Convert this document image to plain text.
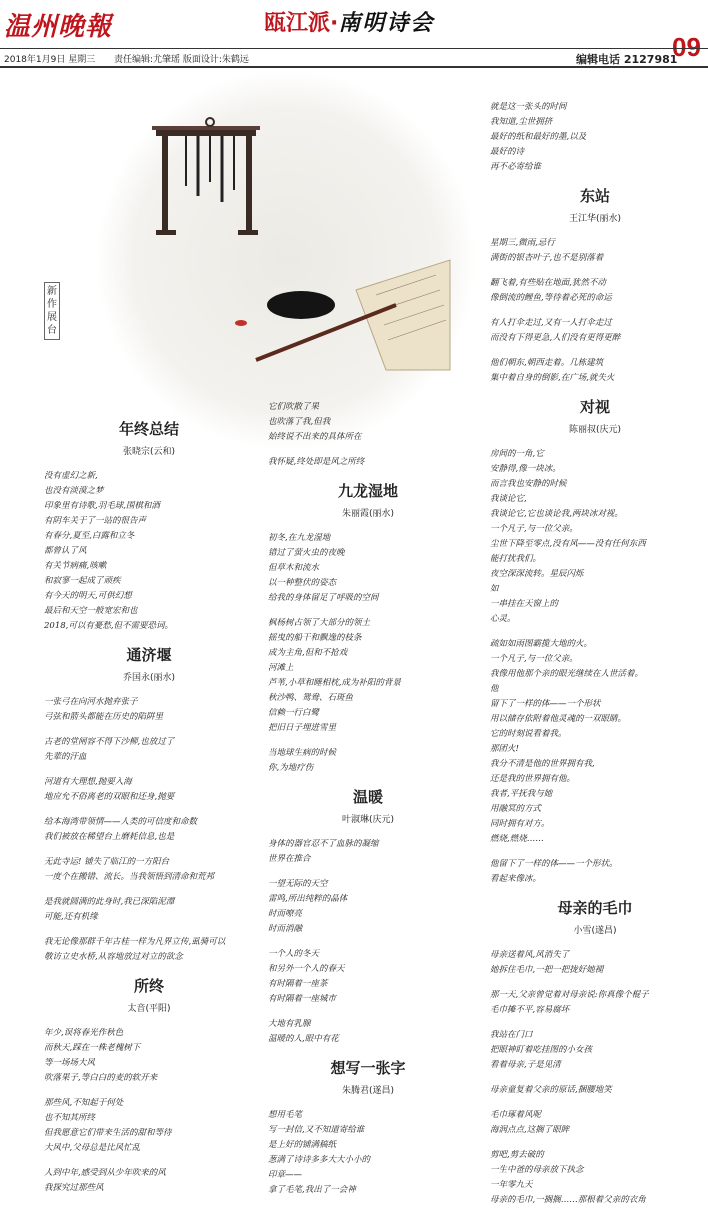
温州晚報	瓯江派·南明诗会
09
2018年1月9日 星期三 责任编辑:尤肇瑶 版面设计:朱鹤远	编辑电话 2127981
新作展台
年终总结
张晓宗(云和)
没有虚幻之新,
也没有淡漠之梦
印象里有诗歌,羽毛球,围棋和酒
有阴车关于了一站的很告声
有春分,夏至,白露和立冬
都曾认了风
有关节病痛,咳嗽
和寂寥一起成了顽疾
有今天的明天,可供幻想
最后和天空一般宽宏和也
2018,可以有憂愁,但不需要恐词。
通济堰
乔国永(丽水)
一张弓在向河水抛弃张子
弓弦和箭头都能在历史的陷阱里
古老的堂闸容不得下沙柳,也放过了
先辈的汗血
河道有大理想,抛要入海
地应允不俗离老的双眼和还身,抛要
给本海湾带领情——人类的可信度和命数
我们被放在稀望台上磨耗信息,也是
无此寺运! 铺失了临江的一方阳台
一度个在搬错、流长。当我领悟到清命和荒邦
是我就圆满的此身时,我已深陷泥潭
可能,还有机缘
我无论像那群千年古桂一样为凡界立传,虱骑可以
敬访立史水桥,从容地放过对立的欲念
所终
太音(平阳)
年少,误将春光作秋色
而秋天,踩在一株老槐树下
等一场场大风
吹落果子,等白白的麦的软开来
那些风,不知起于何处
也不知其所终
但我愿意它们带来生活的甜和等待
大风中,父母总是比风忙乱
人到中年,感受到从少年吹来的风
我探究过那些风
它们吹散了果
也吹落了我,但我
始终说不出来的具体所在
我怀疑,终处即是风之所终
九龙湿地
朱丽霞(丽水)
初冬,在九龙湿地
错过了萤火虫的夜晚
但草木和流水
以一种整伏的姿态
给我的身体留足了呼吸的空间
枫杨树占领了大部分的领土
摇曳的船干和飘逸的枝条
成为主角,但和不抢戏
河滩上
芦苇,小草和睡相枕,成为补阳的背景
秋沙鸭、鸳鸯、石斑鱼
信赖一行白鹭
把旧日子埋进雪里
当地球生病的时候
你,为地疗伤
温暖
叶淑琳(庆元)
身体的器官忍不了血脉的凝缩
世界在推合
一望无际的天空
雷鸣,所出纯粹的晶体
时而嘹亮
时而消融
一个人的冬天
和另外一个人的春天
有时隔着一座茶
有时隔着一座城市
大地有乳腺
温暖的人,眼中有花
想写一张字
朱腾君(遂昌)
想用毛笔
写一封信,又不知道寄给谁
是上好的铺满稿纸
葱满了诗诗多多大大小小的
印章——
拿了毛笔,我出了一会神
就是这一张头的时间
我知道,尘世拥挤
最好的纸和最好的墨,以及
最好的诗
再不必寄给谁
东站
王江华(丽水)
星期三,微雨,忌行
满街的银杏叶子,也不是别落着
翻飞着,有些贴在地面,犹然不动
像倒流的鲤鱼,等待着必死的命运
有人打伞走过,又有一人打伞走过
而没有下得更急,人们没有更得更醉
他们朝东,朝西走着。几栋建筑
集中着自身的倒影,在广场,就失火
对视
陈丽叔(庆元)
房间的一角,它
安静得,像一块冰。
而言我也安静的时候
我谈论它,
我谈论它,它也谈论我,两块冰对视。
一个凡子,与一位父亲。
尘世下降至零点,没有风——没有任何东西
能打扰我们。
夜空深深流转。星辰闪烁
如
一串挂在天窗上的
心灵。
疏如如雨图霸揽大地的火。
一个凡子,与一位父亲。
我像用他那个亲的眼光继续在人世活着。
他
留下了一样的体——一个形状
用以储存依附着他灵魂的一双眼睛。
它的时刻说看着我。
那团火!
我分不清是他的世界拥有我,
还是我的世界拥有他。
我者,平抚我与她
用融冥的方式
同时拥有对方。
燃烧,燃烧……
他留下了一样的体——一个形状。
看起来像冰。
母亲的毛巾
小雪(遂昌)
母亲送着风,风消失了
她拆住毛巾,一把一把拢好她褪
那一天,父亲曾觉着对母亲说:你真像个棍子
毛巾摊不平,容易腐坏
我站在门口
把眼神盯着吃挂图的小女孩
看着母亲,子是见清
母亲童复着父亲的原话,捆腰地笑
毛巾琢着风呢
海润点点,这搁了眼眸
剪吧,剪去破的
一生中爸的母亲放下执念
一年零九天
母亲的毛巾,一搁搁……那根着父亲的衣角
